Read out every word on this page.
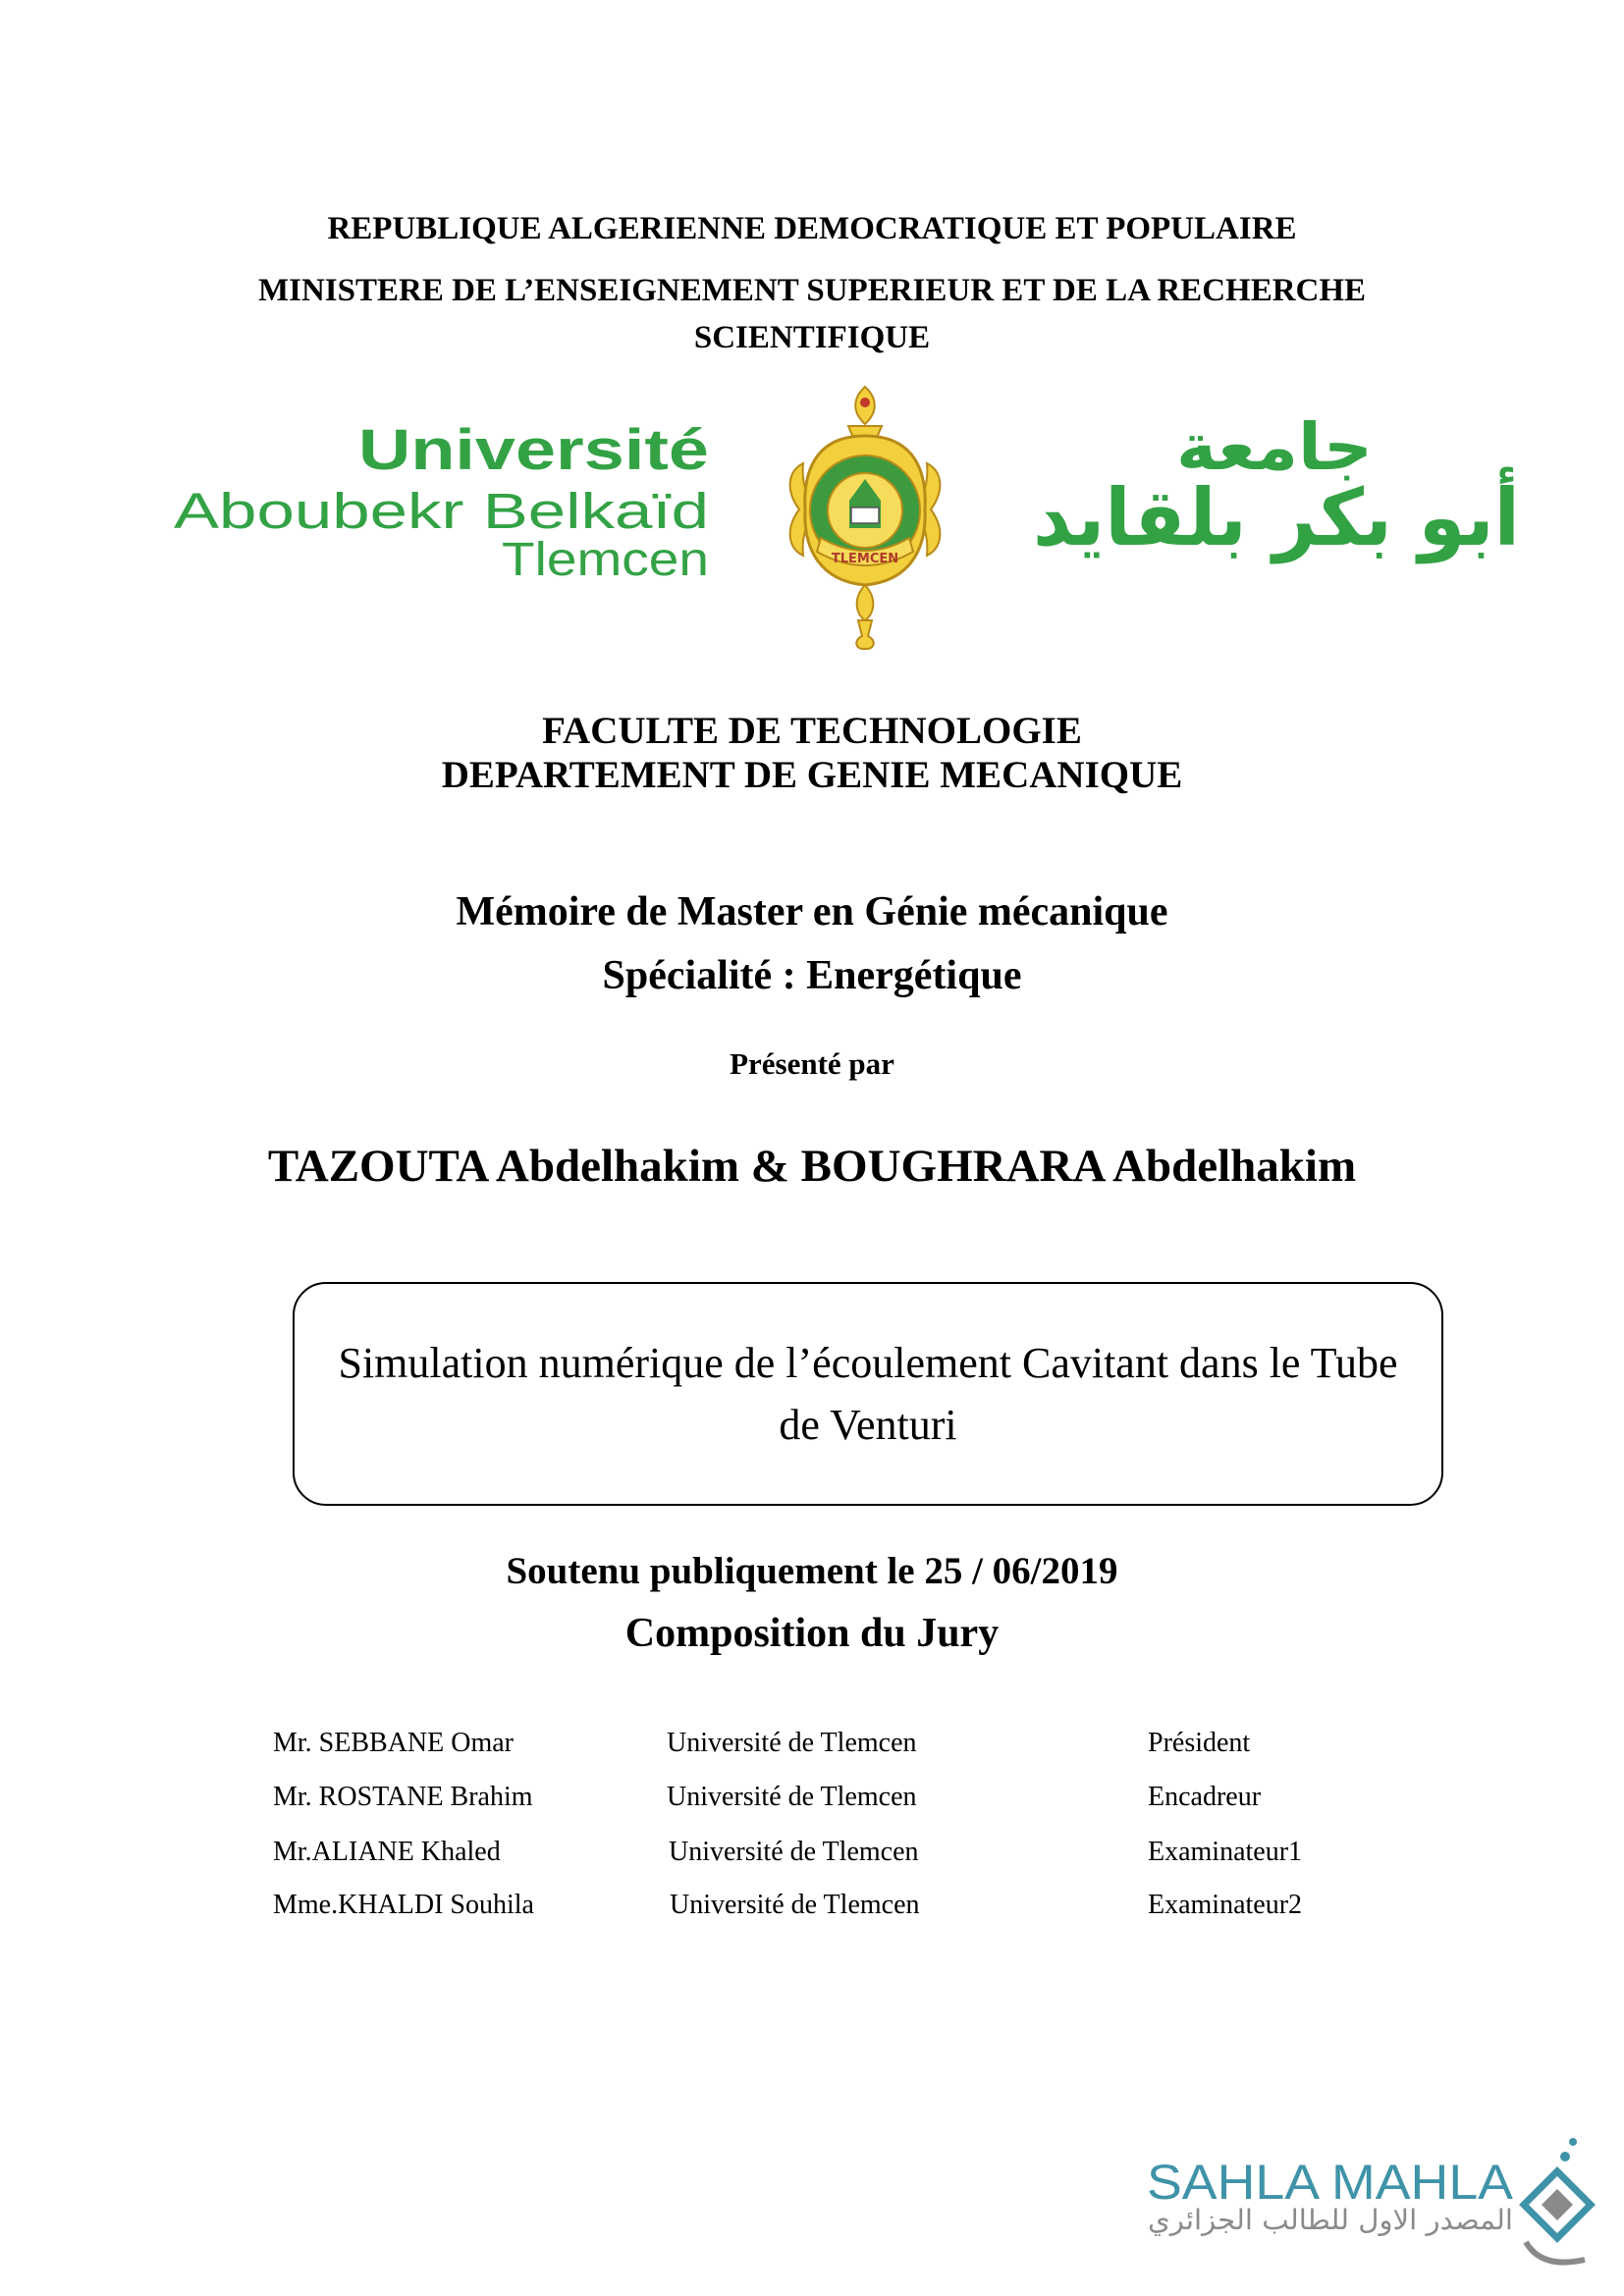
REPUBLIQUE ALGERIENNE DEMOCRATIQUE ET POPULAIRE
MINISTERE DE L’ENSEIGNEMENT SUPERIEUR ET DE LA RECHERCHE SCIENTIFIQUE
Université
Aboubekr Belkaïd
Tlemcen	TLEMCEN
جامعة
أبو بكر بلقايد
FACULTE DE TECHNOLOGIE
DEPARTEMENT DE GENIE MECANIQUE
Mémoire de Master en Génie mécanique
Spécialité : Energétique
Présenté par
TAZOUTA Abdelhakim & BOUGHRARA Abdelhakim
Simulation numérique de l’écoulement Cavitant dans le Tube de Venturi
Soutenu publiquement le 25 / 06/2019
Composition du Jury
Mr. SEBBANE Omar	Université de Tlemcen	Président
Mr. ROSTANE Brahim	Université de Tlemcen	Encadreur
Mr.ALIANE Khaled	Université de Tlemcen	Examinateur1
Mme.KHALDI Souhila	Université de Tlemcen	Examinateur2
SAHLA MAHLA
المصدر الاول للطالب الجزائري
